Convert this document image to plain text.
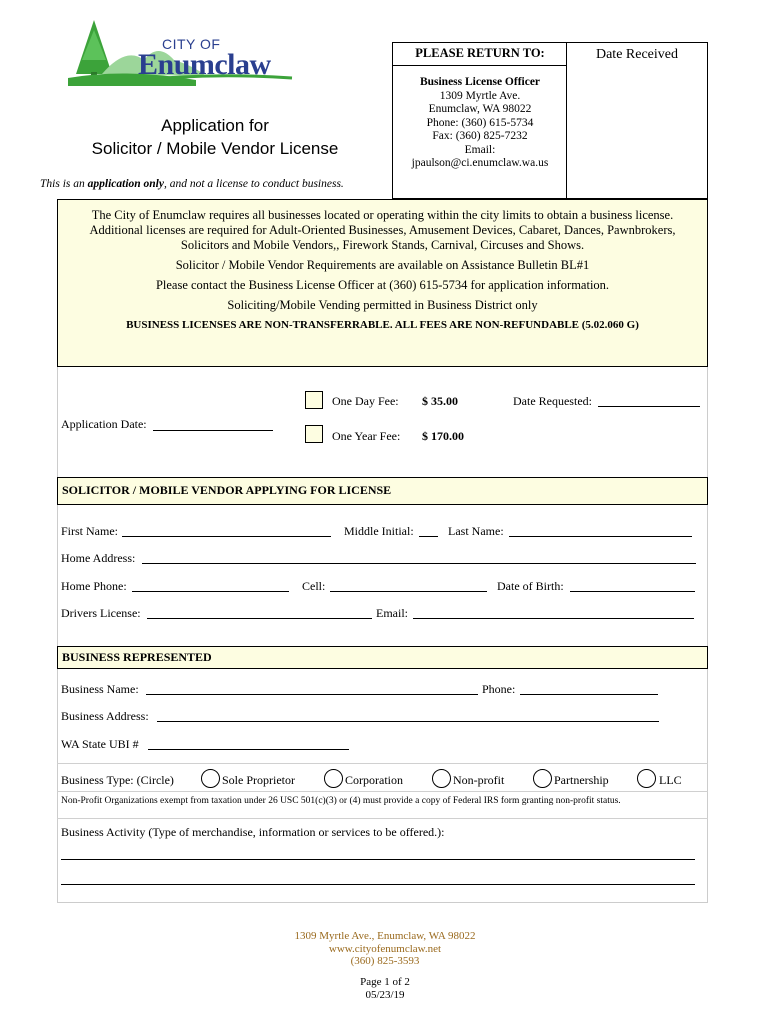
CITY OF
Enumclaw
Application for
Solicitor / Mobile Vendor License
This is an application only, and not a license to conduct business.
PLEASE RETURN TO:
Business License Officer
1309 Myrtle Ave.
Enumclaw, WA 98022
Phone: (360) 615-5734
Fax: (360) 825-7232
Email:
jpaulson@ci.enumclaw.wa.us
Date Received

The City of Enumclaw requires all businesses located or operating within the city limits to obtain a business license. Additional licenses are required for Adult-Oriented Businesses, Amusement Devices, Cabaret, Dances, Pawnbrokers, Solicitors and Mobile Vendors,, Firework Stands, Carnival, Circuses and Shows.

Solicitor / Mobile Vendor Requirements are available on Assistance Bulletin BL#1

Please contact the Business License Officer at (360) 615-5734 for application information.

Soliciting/Mobile Vending permitted in Business District only

BUSINESS LICENSES ARE NON-TRANSFERRABLE. ALL FEES ARE NON-REFUNDABLE (5.02.060 G)

One Day Fee: $ 35.00	Date Requested:
Application Date:
One Year Fee: $ 170.00
SOLICITOR / MOBILE VENDOR APPLYING FOR LICENSE
First Name:	Middle Initial:	Last Name:
Home Address:
Home Phone:	Cell:	Date of Birth:
Drivers License:	Email:
BUSINESS REPRESENTED
Business Name:	Phone:
Business Address:
WA State UBI #
Business Type: (Circle)	Sole Proprietor	Corporation	Non-profit	Partnership	LLC
Non-Profit Organizations exempt from taxation under 26 USC 501(c)(3) or (4) must provide a copy of Federal IRS form granting non-profit status.
Business Activity (Type of merchandise, information or services to be offered.):
1309 Myrtle Ave., Enumclaw, WA 98022
www.cityofenumclaw.net
(360) 825-3593
Page 1 of 2
05/23/19
